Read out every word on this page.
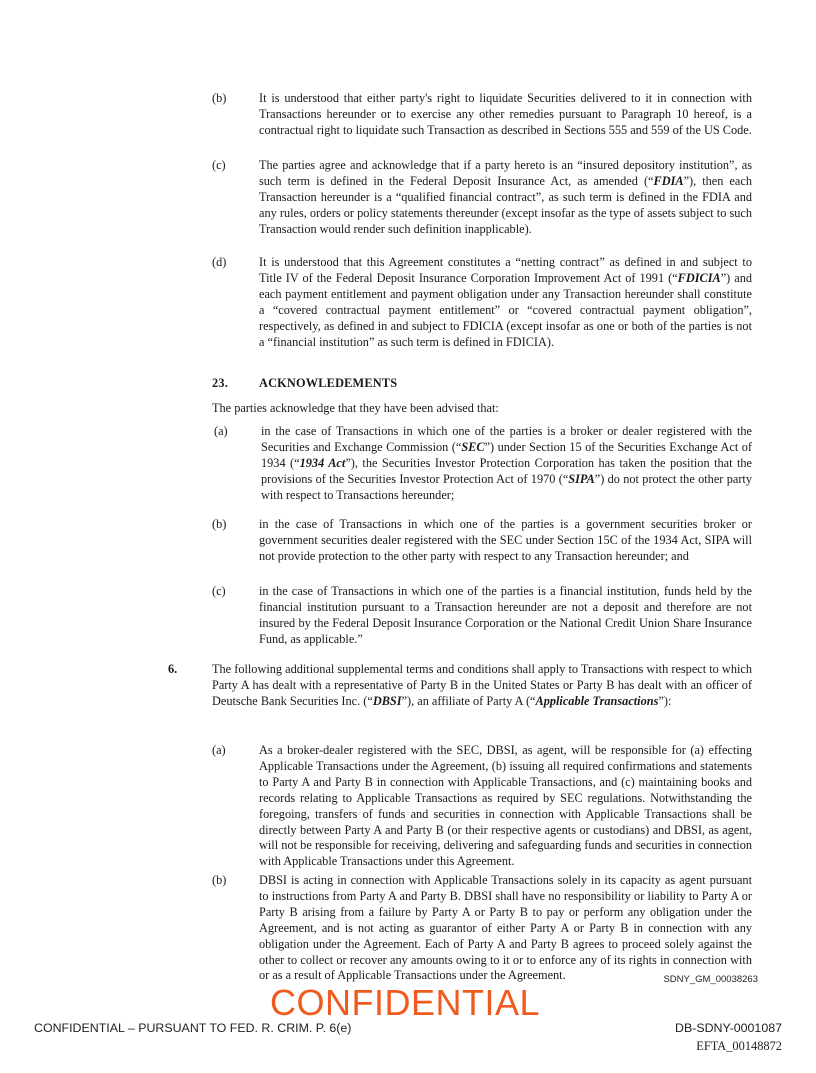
(b)	It is understood that either party's right to liquidate Securities delivered to it in connection with Transactions hereunder or to exercise any other remedies pursuant to Paragraph 10 hereof, is a contractual right to liquidate such Transaction as described in Sections 555 and 559 of the US Code.

(c)	The parties agree and acknowledge that if a party hereto is an “insured depository institution”, as such term is defined in the Federal Deposit Insurance Act, as amended (“FDIA”), then each Transaction hereunder is a “qualified financial contract”, as such term is defined in the FDIA and any rules, orders or policy statements thereunder (except insofar as the type of assets subject to such Transaction would render such definition inapplicable).

(d)	It is understood that this Agreement constitutes a “netting contract” as defined in and subject to Title IV of the Federal Deposit Insurance Corporation Improvement Act of 1991 (“FDICIA”) and each payment entitlement and payment obligation under any Transaction hereunder shall constitute a “covered contractual payment entitlement” or “covered contractual payment obligation”, respectively, as defined in and subject to FDICIA (except insofar as one or both of the parties is not a “financial institution” as such term is defined in FDICIA).

23.	ACKNOWLEDEMENTS

The parties acknowledge that they have been advised that:

(a)	in the case of Transactions in which one of the parties is a broker or dealer registered with the Securities and Exchange Commission (“SEC”) under Section 15 of the Securities Exchange Act of 1934 (“1934 Act”), the Securities Investor Protection Corporation has taken the position that the provisions of the Securities Investor Protection Act of 1970 (“SIPA”) do not protect the other party with respect to Transactions hereunder;

(b)	in the case of Transactions in which one of the parties is a government securities broker or government securities dealer registered with the SEC under Section 15C of the 1934 Act, SIPA will not provide protection to the other party with respect to any Transaction hereunder; and

(c)	in the case of Transactions in which one of the parties is a financial institution, funds held by the financial institution pursuant to a Transaction hereunder are not a deposit and therefore are not insured by the Federal Deposit Insurance Corporation or the National Credit Union Share Insurance Fund, as applicable.”

6.	The following additional supplemental terms and conditions shall apply to Transactions with respect to which Party A has dealt with a representative of Party B in the United States or Party B has dealt with an officer of Deutsche Bank Securities Inc. (“DBSI”), an affiliate of Party A (“Applicable Transactions”):

(a)	As a broker-dealer registered with the SEC, DBSI, as agent, will be responsible for (a) effecting Applicable Transactions under the Agreement, (b) issuing all required confirmations and statements to Party A and Party B in connection with Applicable Transactions, and (c) maintaining books and records relating to Applicable Transactions as required by SEC regulations. Notwithstanding the foregoing, transfers of funds and securities in connection with Applicable Transactions shall be directly between Party A and Party B (or their respective agents or custodians) and DBSI, as agent, will not be responsible for receiving, delivering and safeguarding funds and securities in connection with Applicable Transactions under this Agreement.

(b)	DBSI is acting in connection with Applicable Transactions solely in its capacity as agent pursuant to instructions from Party A and Party B. DBSI shall have no responsibility or liability to Party A or Party B arising from a failure by Party A or Party B to pay or perform any obligation under the Agreement, and is not acting as guarantor of either Party A or Party B in connection with any obligation under the Agreement. Each of Party A and Party B agrees to proceed solely against the other to collect or recover any amounts owing to it or to enforce any of its rights in connection with or as a result of Applicable Transactions under the Agreement.	SDNY_GM_00038263
CONFIDENTIAL
CONFIDENTIAL – PURSUANT TO FED. R. CRIM. P. 6(e)	DB-SDNY-0001087
EFTA_00148872
